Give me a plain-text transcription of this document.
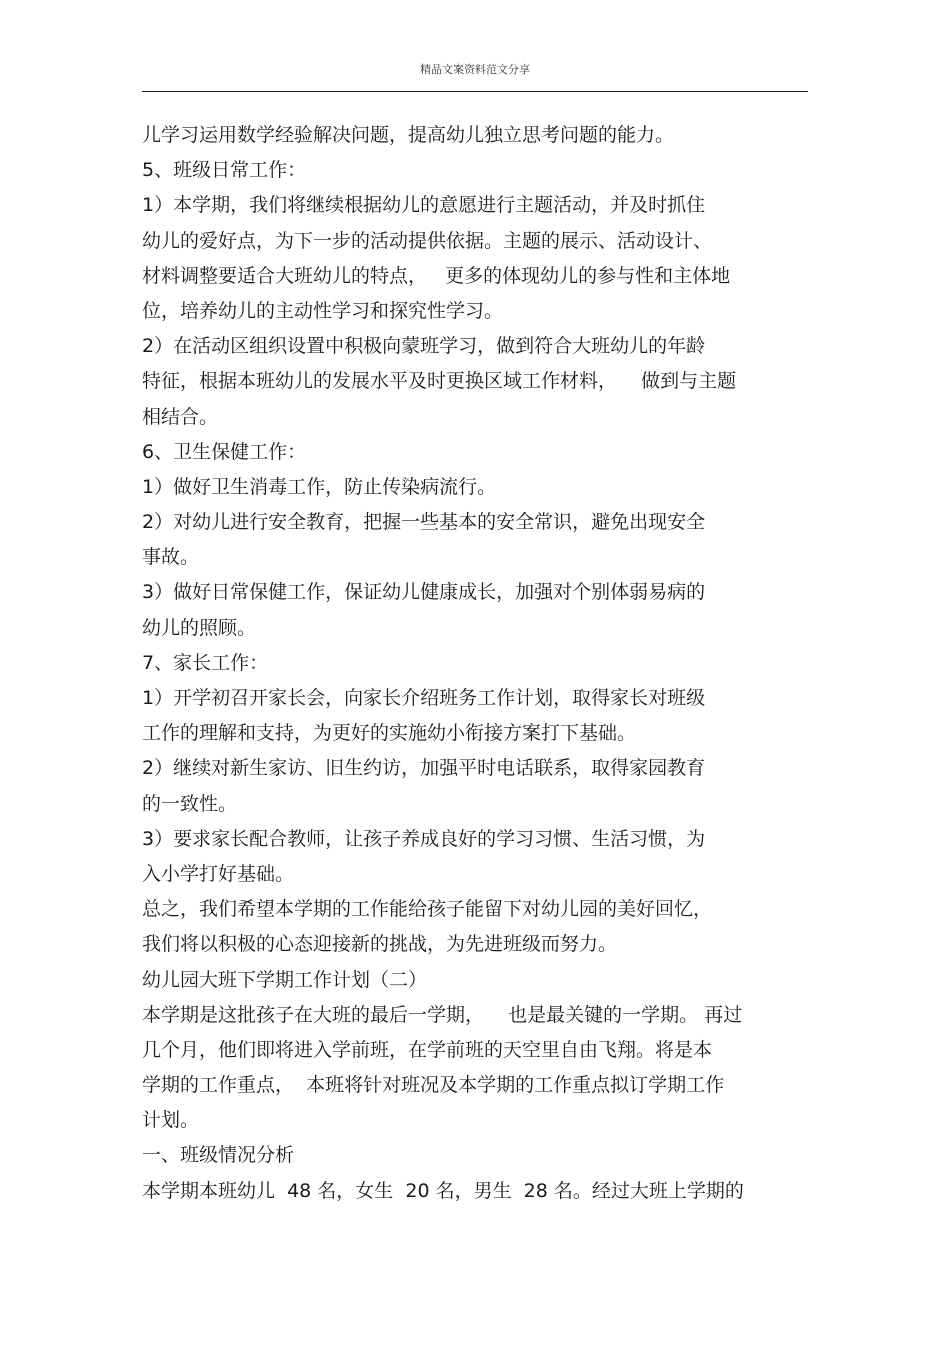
精品文案资料范文分享
儿学习运用数学经验解决问题，提高幼儿独立思考问题的能力。
5、班级日常工作：
1）本学期，我们将继续根据幼儿的意愿进行主题活动，并及时抓住
幼儿的爱好点，为下一步的活动提供依据。主题的展示、活动设计、
材料调整要适合大班幼儿的特点，   更多的体现幼儿的参与性和主体地
位，培养幼儿的主动性学习和探究性学习。
2）在活动区组织设置中积极向蒙班学习，做到符合大班幼儿的年龄
特征，根据本班幼儿的发展水平及时更换区域工作材料，    做到与主题
相结合。
6、卫生保健工作：
1）做好卫生消毒工作，防止传染病流行。
2）对幼儿进行安全教育，把握一些基本的安全常识，避免出现安全
事故。
3）做好日常保健工作，保证幼儿健康成长，加强对个别体弱易病的
幼儿的照顾。
7、家长工作：
1）开学初召开家长会，向家长介绍班务工作计划，取得家长对班级
工作的理解和支持，为更好的实施幼小衔接方案打下基础。
2）继续对新生家访、旧生约访，加强平时电话联系，取得家园教育
的一致性。
3）要求家长配合教师，让孩子养成良好的学习习惯、生活习惯，为
入小学打好基础。
总之，我们希望本学期的工作能给孩子能留下对幼儿园的美好回忆，
我们将以积极的心态迎接新的挑战，为先进班级而努力。
幼儿园大班下学期工作计划（二）
本学期是这批孩子在大班的最后一学期，    也是最关键的一学期。 再过
几个月，他们即将进入学前班，在学前班的天空里自由飞翔。将是本
学期的工作重点，  本班将针对班况及本学期的工作重点拟订学期工作
计划。
一、班级情况分析
本学期本班幼儿  48 名，女生  20 名，男生  28 名。经过大班上学期的
